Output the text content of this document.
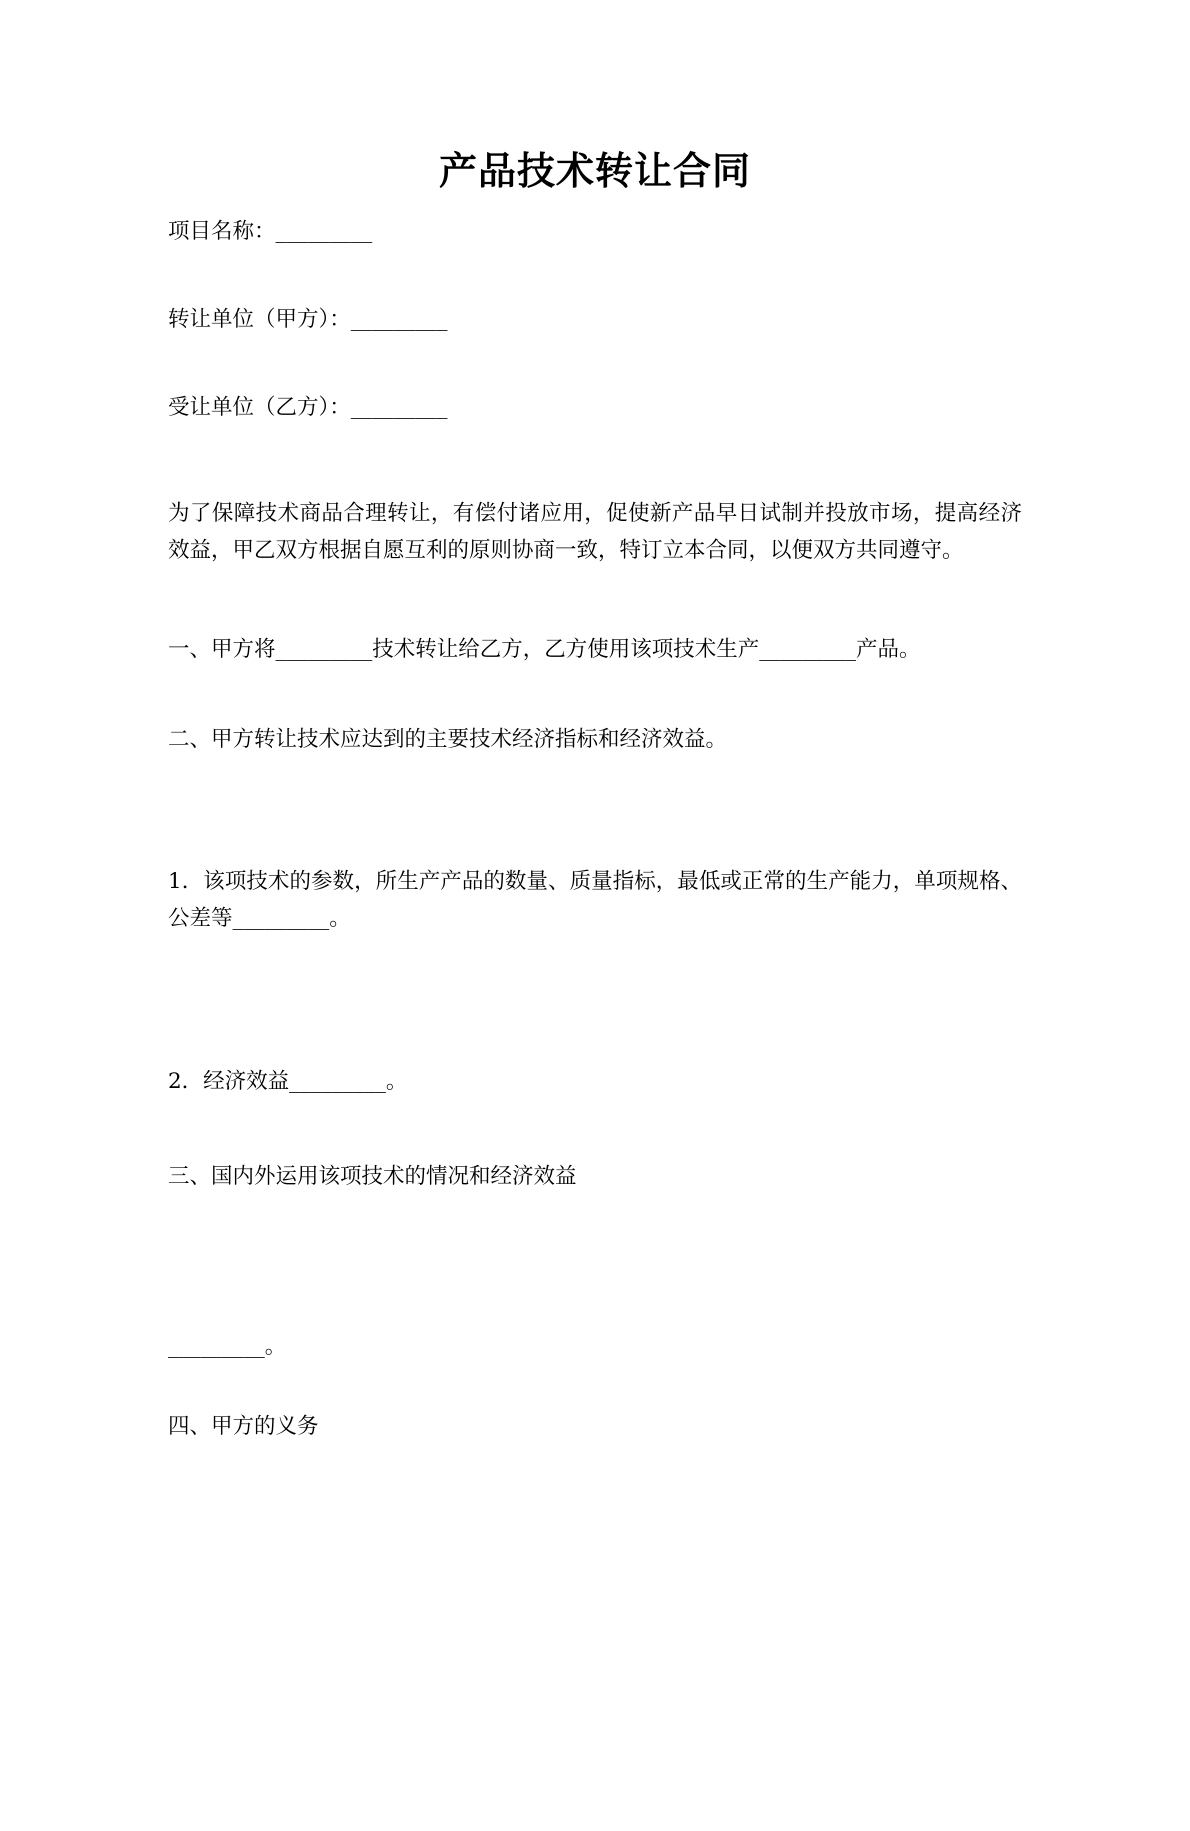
产品技术转让合同

项目名称：_________

转让单位（甲方）：_________

受让单位（乙方）：_________

为了保障技术商品合理转让，有偿付诸应用，促使新产品早日试制并投放市场，提高经济效益，甲乙双方根据自愿互利的原则协商一致，特订立本合同，以便双方共同遵守。

一、甲方将_________技术转让给乙方，乙方使用该项技术生产_________产品。

二、甲方转让技术应达到的主要技术经济指标和经济效益。

1．该项技术的参数，所生产产品的数量、质量指标，最低或正常的生产能力，单项规格、公差等_________。

2．经济效益_________。

三、国内外运用该项技术的情况和经济效益

_________。

四、甲方的义务
